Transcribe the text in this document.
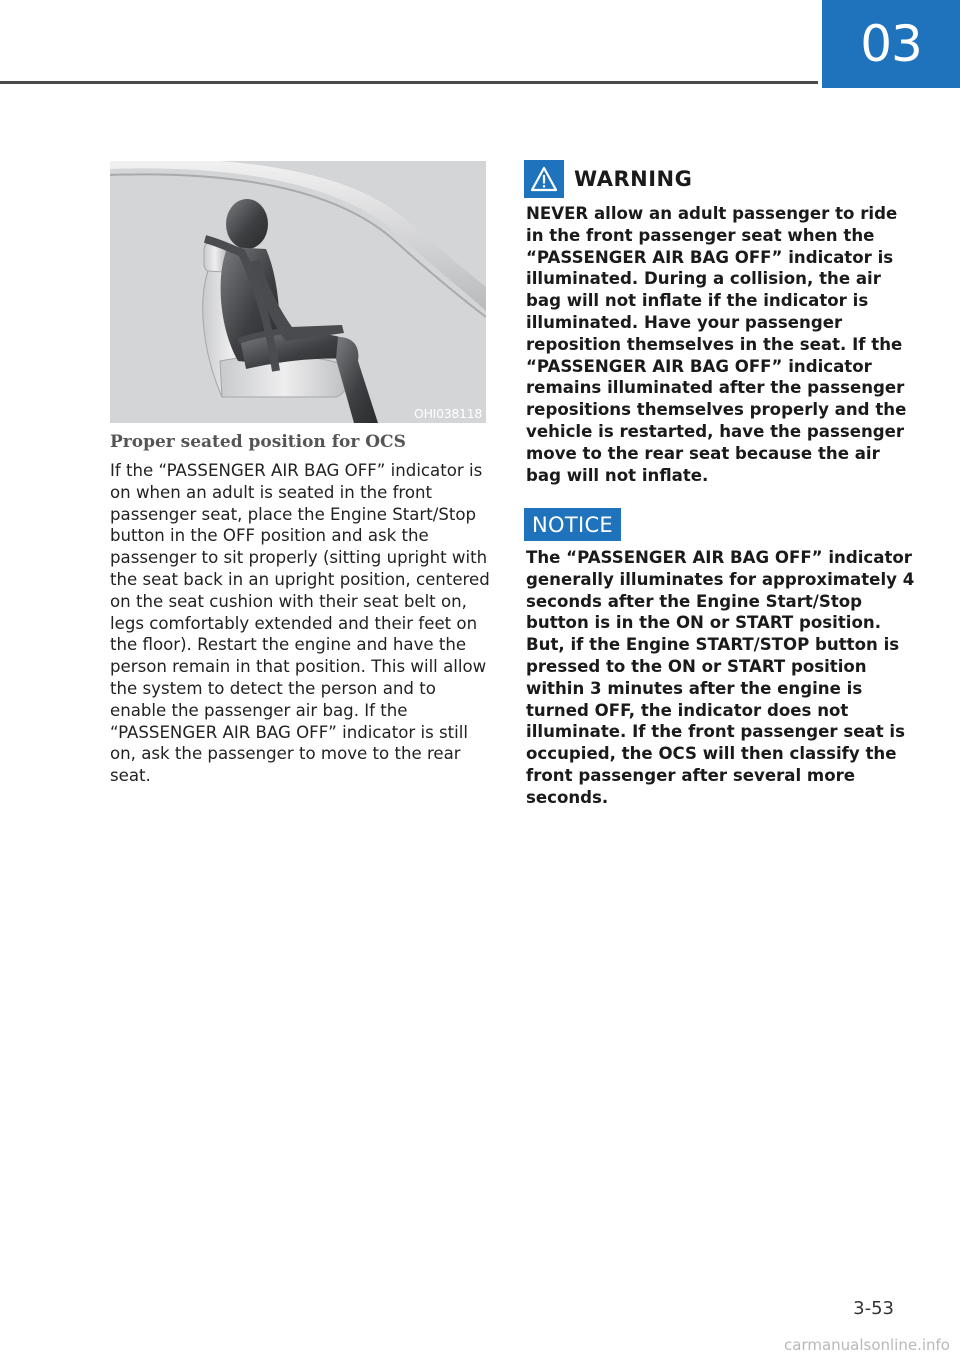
03
OHI038118
Proper seated position for OCS

If the “PASSENGER AIR BAG OFF” indicator is on when an adult is seated in the front passenger seat, place the Engine Start/Stop button in the OFF position and ask the passenger to sit properly (sitting upright with the seat back in an upright position, centered on the seat cushion with their seat belt on, legs comfortably extended and their feet on the floor). Restart the engine and have the person remain in that position. This will allow the system to detect the person and to enable the passenger air bag. If the “PASSENGER AIR BAG OFF” indicator is still on, ask the passenger to move to the rear seat.

WARNING

NEVER allow an adult passenger to ride in the front passenger seat when the “PASSENGER AIR BAG OFF” indicator is illuminated. During a collision, the air bag will not inflate if the indicator is illuminated. Have your passenger reposition themselves in the seat. If the “PASSENGER AIR BAG OFF” indicator remains illuminated after the passenger repositions themselves properly and the vehicle is restarted, have the passenger move to the rear seat because the air bag will not inflate.

NOTICE

The “PASSENGER AIR BAG OFF” indicator generally illuminates for approximately 4 seconds after the Engine Start/Stop button is in the ON or START position. But, if the Engine START/STOP button is pressed to the ON or START position within 3 minutes after the engine is turned OFF, the indicator does not illuminate. If the front passenger seat is occupied, the OCS will then classify the front passenger after several more seconds.

3-53
carmanualsonline.info
